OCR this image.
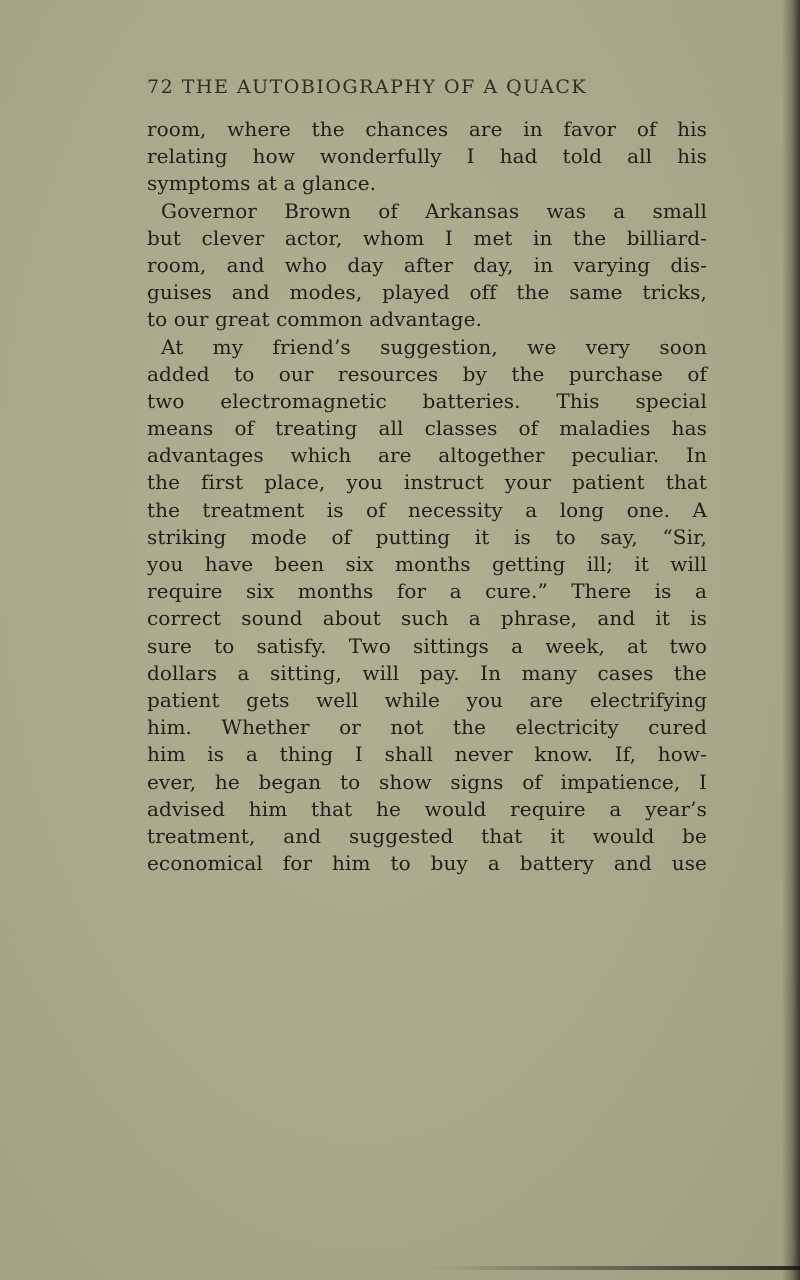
72 THE AUTOBIOGRAPHY OF A QUACK
room, where the chances are in favor of his
relating how wonderfully I had told all his
symptoms at a glance.
Governor Brown of Arkansas was a small
but clever actor, whom I met in the billiard-
room, and who day after day, in varying dis-
guises and modes, played off the same tricks,
to our great common advantage.
At my friend’s suggestion, we very soon
added to our resources by the purchase of
two electromagnetic batteries. This special
means of treating all classes of maladies has
advantages which are altogether peculiar. In
the first place, you instruct your patient that
the treatment is of necessity a long one. A
striking mode of putting it is to say, “Sir,
you have been six months getting ill; it will
require six months for a cure.” There is a
correct sound about such a phrase, and it is
sure to satisfy. Two sittings a week, at two
dollars a sitting, will pay. In many cases the
patient gets well while you are electrifying
him. Whether or not the electricity cured
him is a thing I shall never know. If, how-
ever, he began to show signs of impatience, I
advised him that he would require a year’s
treatment, and suggested that it would be
economical for him to buy a battery and use
